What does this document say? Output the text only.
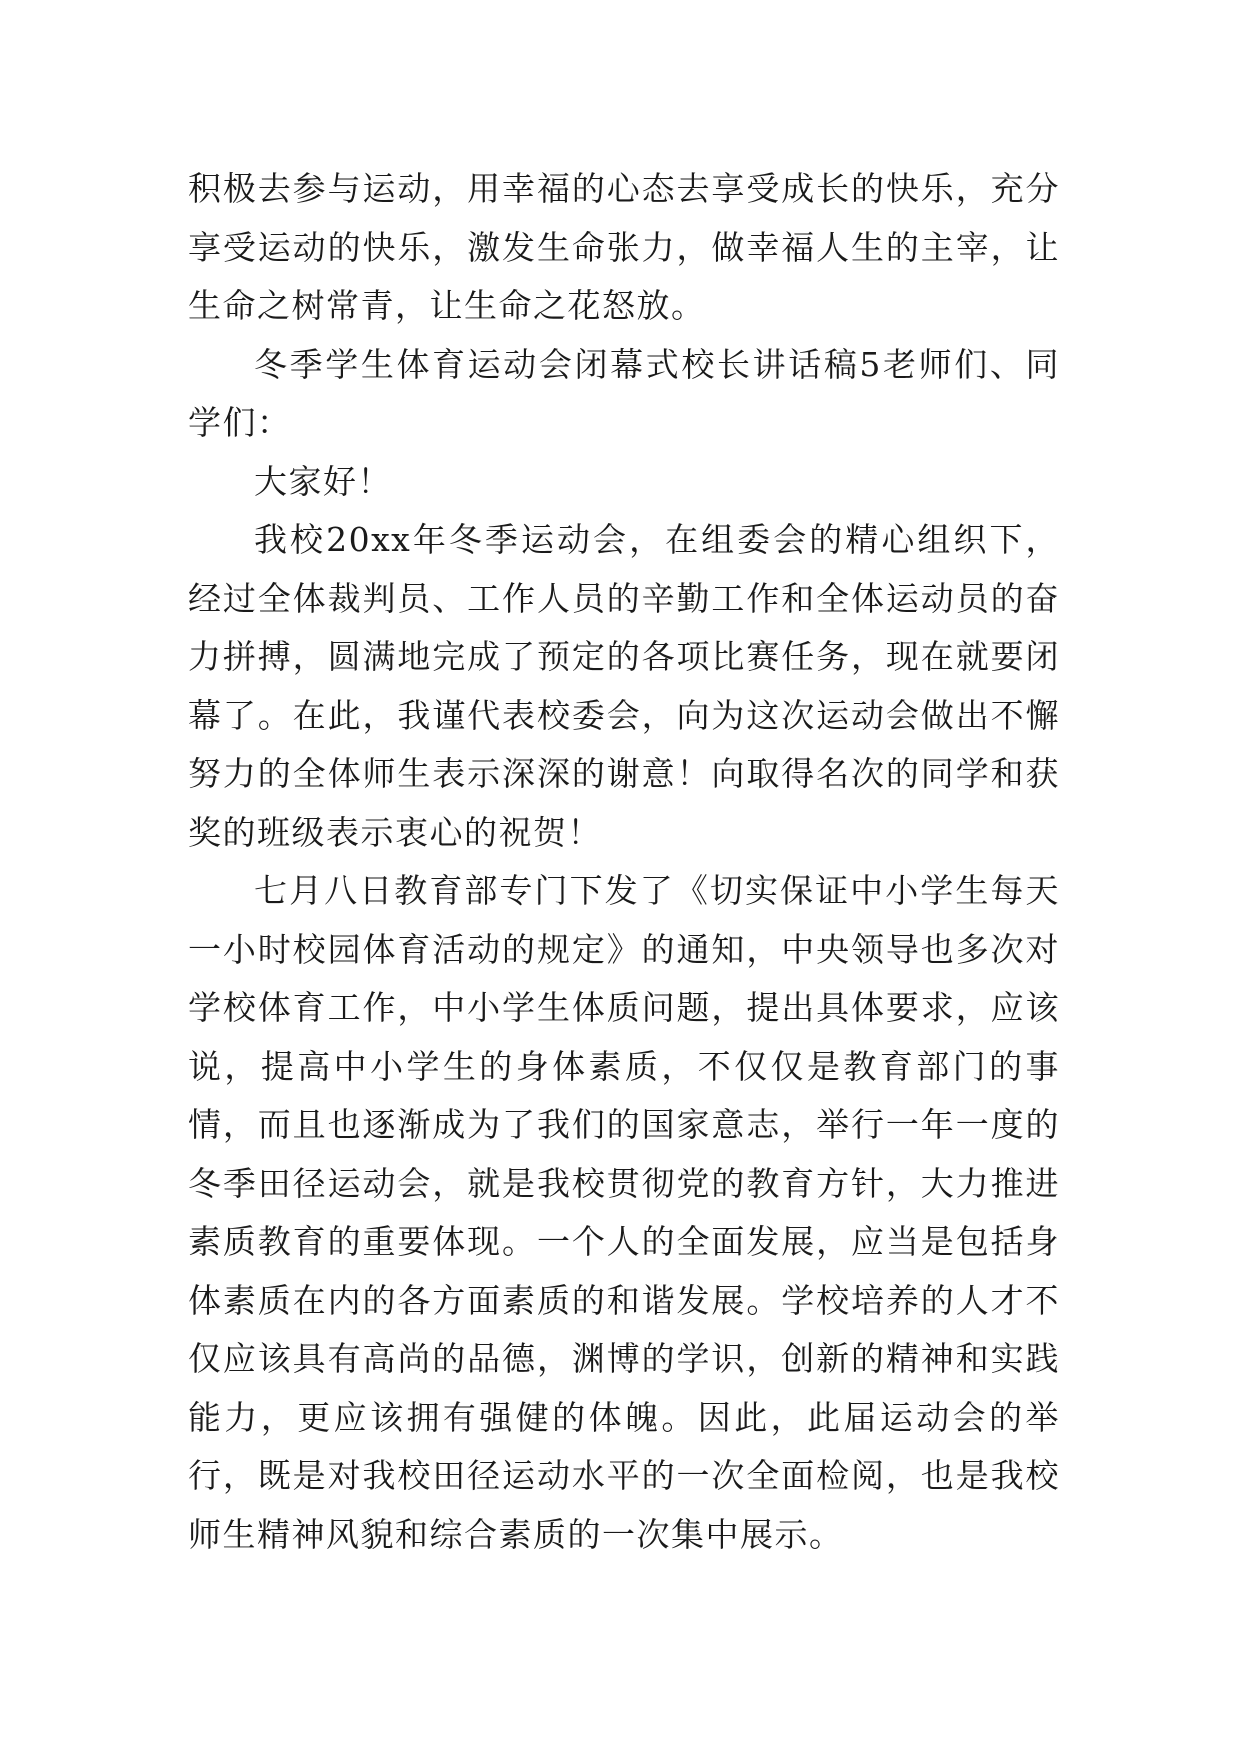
积极去参与运动，用幸福的心态去享受成长的快乐，充分享受运动的快乐，激发生命张力，做幸福人生的主宰，让生命之树常青，让生命之花怒放。

冬季学生体育运动会闭幕式校长讲话稿5老师们、同学们：

大家好！

我校20xx年冬季运动会，在组委会的精心组织下，经过全体裁判员、工作人员的辛勤工作和全体运动员的奋力拼搏，圆满地完成了预定的各项比赛任务，现在就要闭幕了。在此，我谨代表校委会，向为这次运动会做出不懈努力的全体师生表示深深的谢意！向取得名次的同学和获奖的班级表示衷心的祝贺！

七月八日教育部专门下发了《切实保证中小学生每天一小时校园体育活动的规定》的通知，中央领导也多次对学校体育工作，中小学生体质问题，提出具体要求，应该说，提高中小学生的身体素质，不仅仅是教育部门的事情，而且也逐渐成为了我们的国家意志，举行一年一度的冬季田径运动会，就是我校贯彻党的教育方针，大力推进素质教育的重要体现。一个人的全面发展，应当是包括身体素质在内的各方面素质的和谐发展。学校培养的人才不仅应该具有高尚的品德，渊博的学识，创新的精神和实践能力，更应该拥有强健的体魄。因此，此届运动会的举行，既是对我校田径运动水平的一次全面检阅，也是我校师生精神风貌和综合素质的一次集中展示。
